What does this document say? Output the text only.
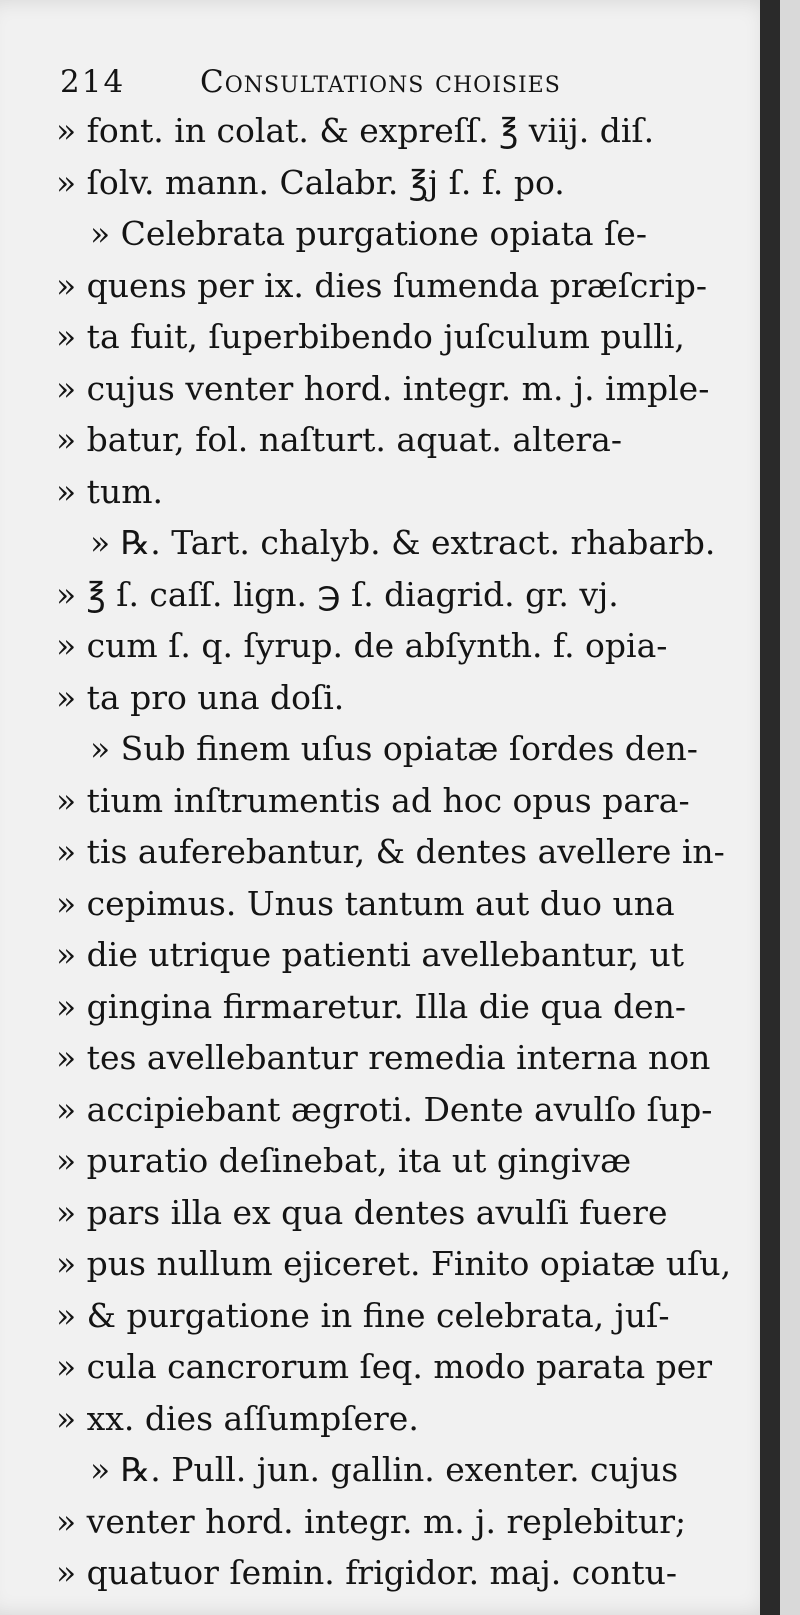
214 Consultations choisies
» font. in colat. & expreſſ. ℥ viij. diſ.
» ſolv. mann. Calabr. ℥j ſ. f. po.
» Celebrata purgatione opiata ſe-
» quens per ix. dies ſumenda præſcrip-
» ta fuit, ſuperbibendo juſculum pulli,
» cujus venter hord. integr. m. j. imple-
» batur, fol. naſturt. aquat. altera-
» tum.
» ℞. Tart. chalyb. & extract. rhabarb.
» ℥ ſ. caſſ. lign. ℈ ſ. diagrid. gr. vj.
» cum ſ. q. ſyrup. de abſynth. f. opia-
» ta pro una doſi.
» Sub finem uſus opiatæ ſordes den-
» tium inſtrumentis ad hoc opus para-
» tis auferebantur, & dentes avellere in-
» cepimus. Unus tantum aut duo una
» die utrique patienti avellebantur, ut
» gingina firmaretur. Illa die qua den-
» tes avellebantur remedia interna non
» accipiebant ægroti. Dente avulſo ſup-
» puratio deſinebat, ita ut gingivæ
» pars illa ex qua dentes avulſi fuere
» pus nullum ejiceret. Finito opiatæ uſu,
» & purgatione in fine celebrata, juſ-
» cula cancrorum ſeq. modo parata per
» xx. dies aſſumpſere.
» ℞. Pull. jun. gallin. exenter. cujus
» venter hord. integr. m. j. replebitur;
» quatuor ſemin. frigidor. maj. contu-
